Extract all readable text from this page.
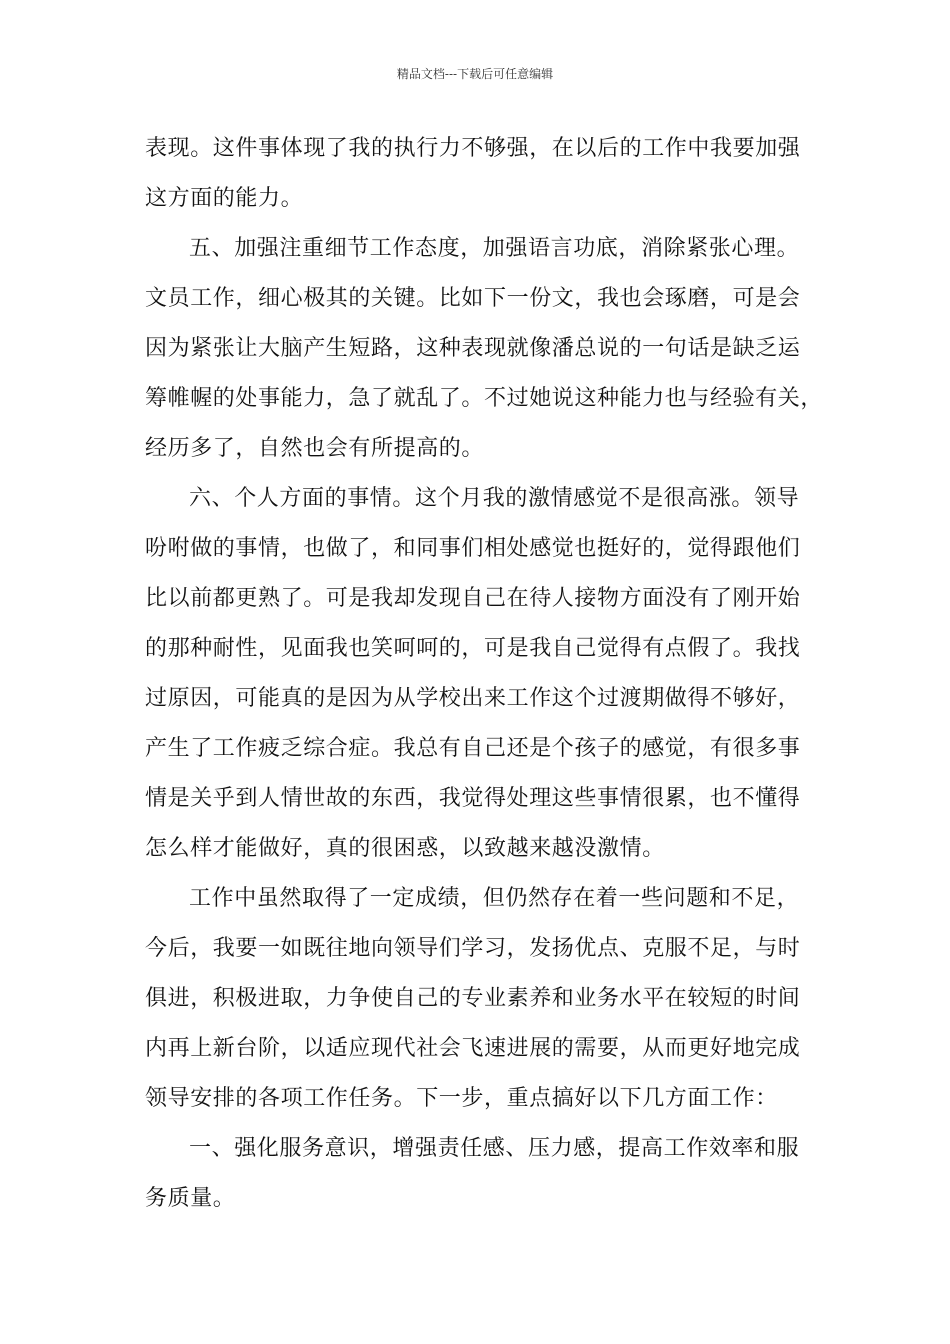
精品文档---下载后可任意编辑
表现。这件事体现了我的执行力不够强，在以后的工作中我要加强
这方面的能力。
五、加强注重细节工作态度，加强语言功底，消除紧张心理。
文员工作，细心极其的关键。比如下一份文，我也会琢磨，可是会
因为紧张让大脑产生短路，这种表现就像潘总说的一句话是缺乏运
筹帷幄的处事能力，急了就乱了。不过她说这种能力也与经验有关，
经历多了，自然也会有所提高的。
六、个人方面的事情。这个月我的激情感觉不是很高涨。领导
吩咐做的事情，也做了，和同事们相处感觉也挺好的，觉得跟他们
比以前都更熟了。可是我却发现自己在待人接物方面没有了刚开始
的那种耐性，见面我也笑呵呵的，可是我自己觉得有点假了。我找
过原因，可能真的是因为从学校出来工作这个过渡期做得不够好，
产生了工作疲乏综合症。我总有自己还是个孩子的感觉，有很多事
情是关乎到人情世故的东西，我觉得处理这些事情很累，也不懂得
怎么样才能做好，真的很困惑，以致越来越没激情。
工作中虽然取得了一定成绩，但仍然存在着一些问题和不足，
今后，我要一如既往地向领导们学习，发扬优点、克服不足，与时
俱进，积极进取，力争使自己的专业素养和业务水平在较短的时间
内再上新台阶，以适应现代社会飞速进展的需要，从而更好地完成
领导安排的各项工作任务。下一步，重点搞好以下几方面工作：
一、强化服务意识，增强责任感、压力感，提高工作效率和服
务质量。
